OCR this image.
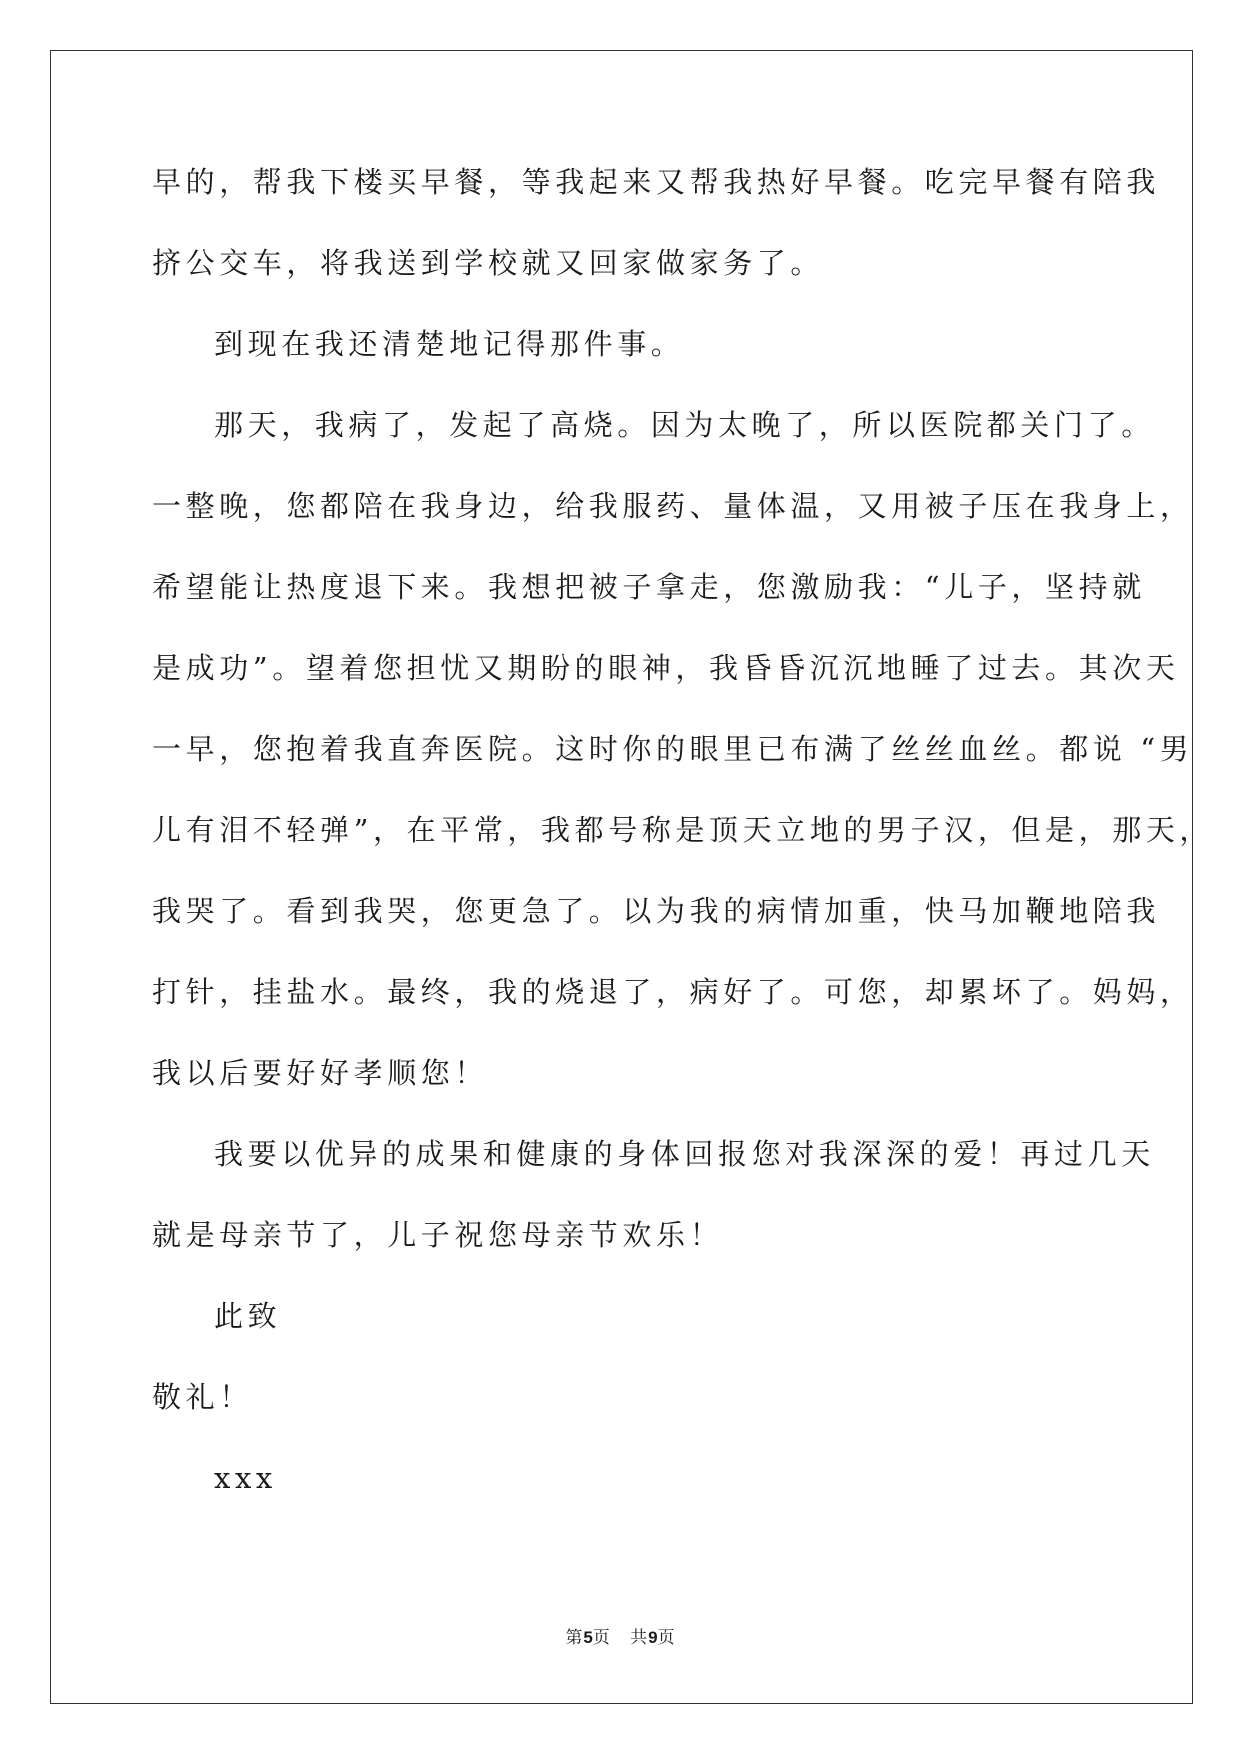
早的，帮我下楼买早餐，等我起来又帮我热好早餐。吃完早餐有陪我
挤公交车，将我送到学校就又回家做家务了。
到现在我还清楚地记得那件事。
那天，我病了，发起了高烧。因为太晚了，所以医院都关门了。
一整晚，您都陪在我身边，给我服药、量体温，又用被子压在我身上，
希望能让热度退下来。我想把被子拿走，您激励我：“儿子，坚持就
是成功”。望着您担忧又期盼的眼神，我昏昏沉沉地睡了过去。其次天
一早，您抱着我直奔医院。这时你的眼里已布满了丝丝血丝。都说 “男
儿有泪不轻弹”，在平常，我都号称是顶天立地的男子汉，但是，那天，
我哭了。看到我哭，您更急了。以为我的病情加重，快马加鞭地陪我
打针，挂盐水。最终，我的烧退了，病好了。可您，却累坏了。妈妈，
我以后要好好孝顺您！
我要以优异的成果和健康的身体回报您对我深深的爱！再过几天
就是母亲节了，儿子祝您母亲节欢乐！
此致
敬礼！
xxx
第5页   共9页
